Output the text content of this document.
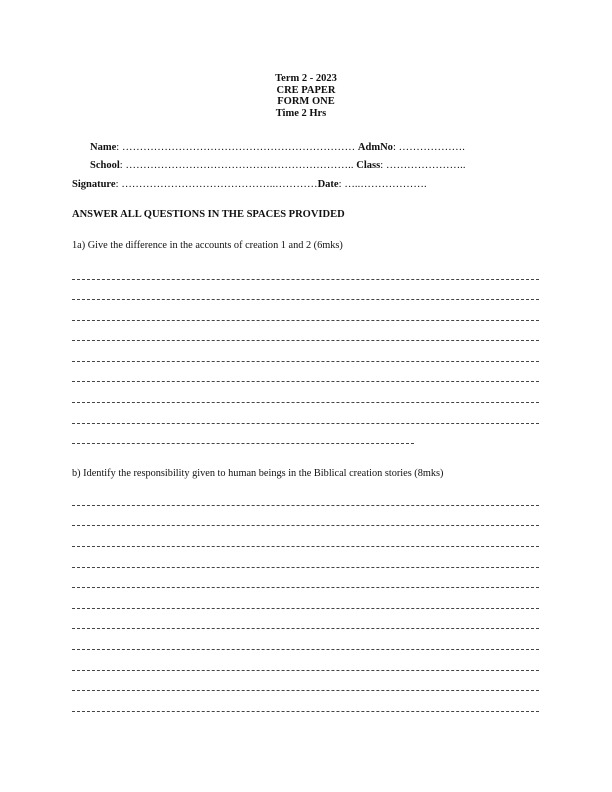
Term 2 - 2023
CRE PAPER
FORM ONE
Time 2 Hrs
Name: ………………………………………………………… AdmNo: ……………….
School: ……………………………………………………….. Class: …………………..
Signature: ……………………………………..…………Date: …..……………….
ANSWER ALL QUESTIONS IN THE SPACES PROVIDED
1a) Give the difference in the accounts of creation 1 and 2 (6mks)
b) Identify the responsibility given to human beings in the Biblical creation stories (8mks)
